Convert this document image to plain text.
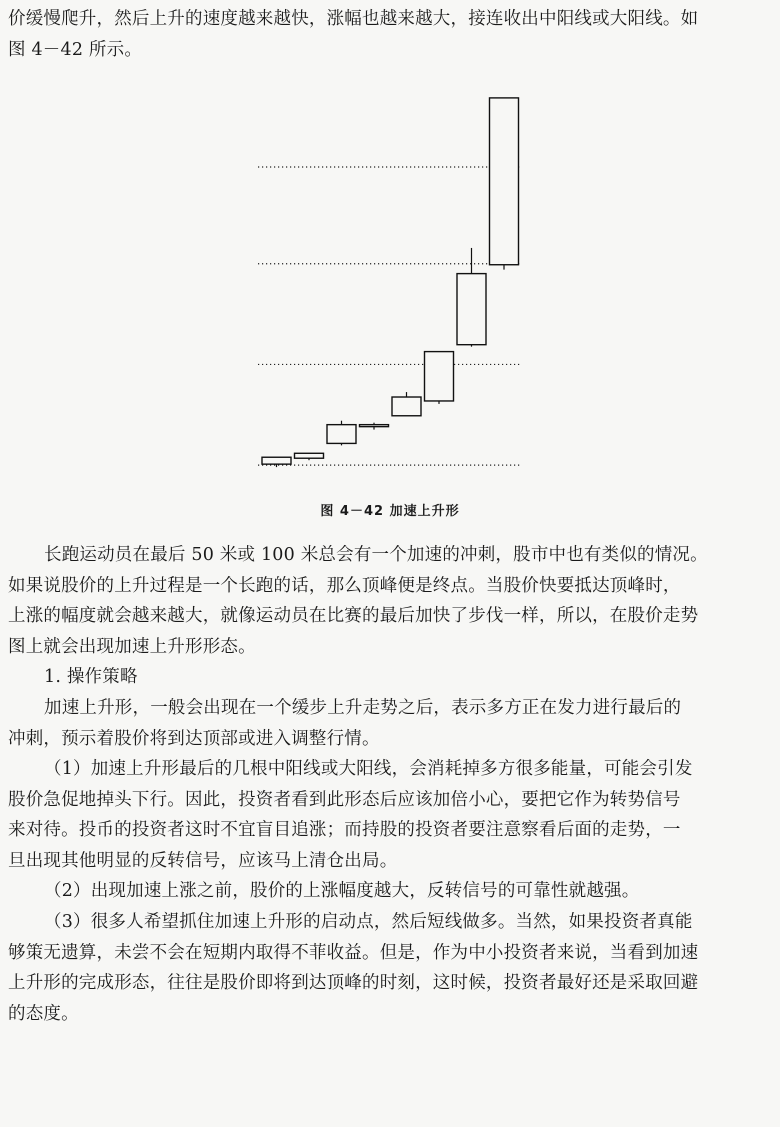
价缓慢爬升，然后上升的速度越来越快，涨幅也越来越大，接连收出中阳线或大阳线。如
图 4－42 所示。
图 4－42 加速上升形
长跑运动员在最后 50 米或 100 米总会有一个加速的冲刺，股市中也有类似的情况。
如果说股价的上升过程是一个长跑的话，那么顶峰便是终点。当股价快要抵达顶峰时，
上涨的幅度就会越来越大，就像运动员在比赛的最后加快了步伐一样，所以，在股价走势
图上就会出现加速上升形形态。
1. 操作策略
加速上升形，一般会出现在一个缓步上升走势之后，表示多方正在发力进行最后的
冲刺，预示着股价将到达顶部或进入调整行情。
（1）加速上升形最后的几根中阳线或大阳线，会消耗掉多方很多能量，可能会引发
股价急促地掉头下行。因此，投资者看到此形态后应该加倍小心，要把它作为转势信号
来对待。投币的投资者这时不宜盲目追涨；而持股的投资者要注意察看后面的走势，一
旦出现其他明显的反转信号，应该马上清仓出局。
（2）出现加速上涨之前，股价的上涨幅度越大，反转信号的可靠性就越强。
（3）很多人希望抓住加速上升形的启动点，然后短线做多。当然，如果投资者真能
够策无遗算，未尝不会在短期内取得不菲收益。但是，作为中小投资者来说，当看到加速
上升形的完成形态，往往是股价即将到达顶峰的时刻，这时候，投资者最好还是采取回避
的态度。
